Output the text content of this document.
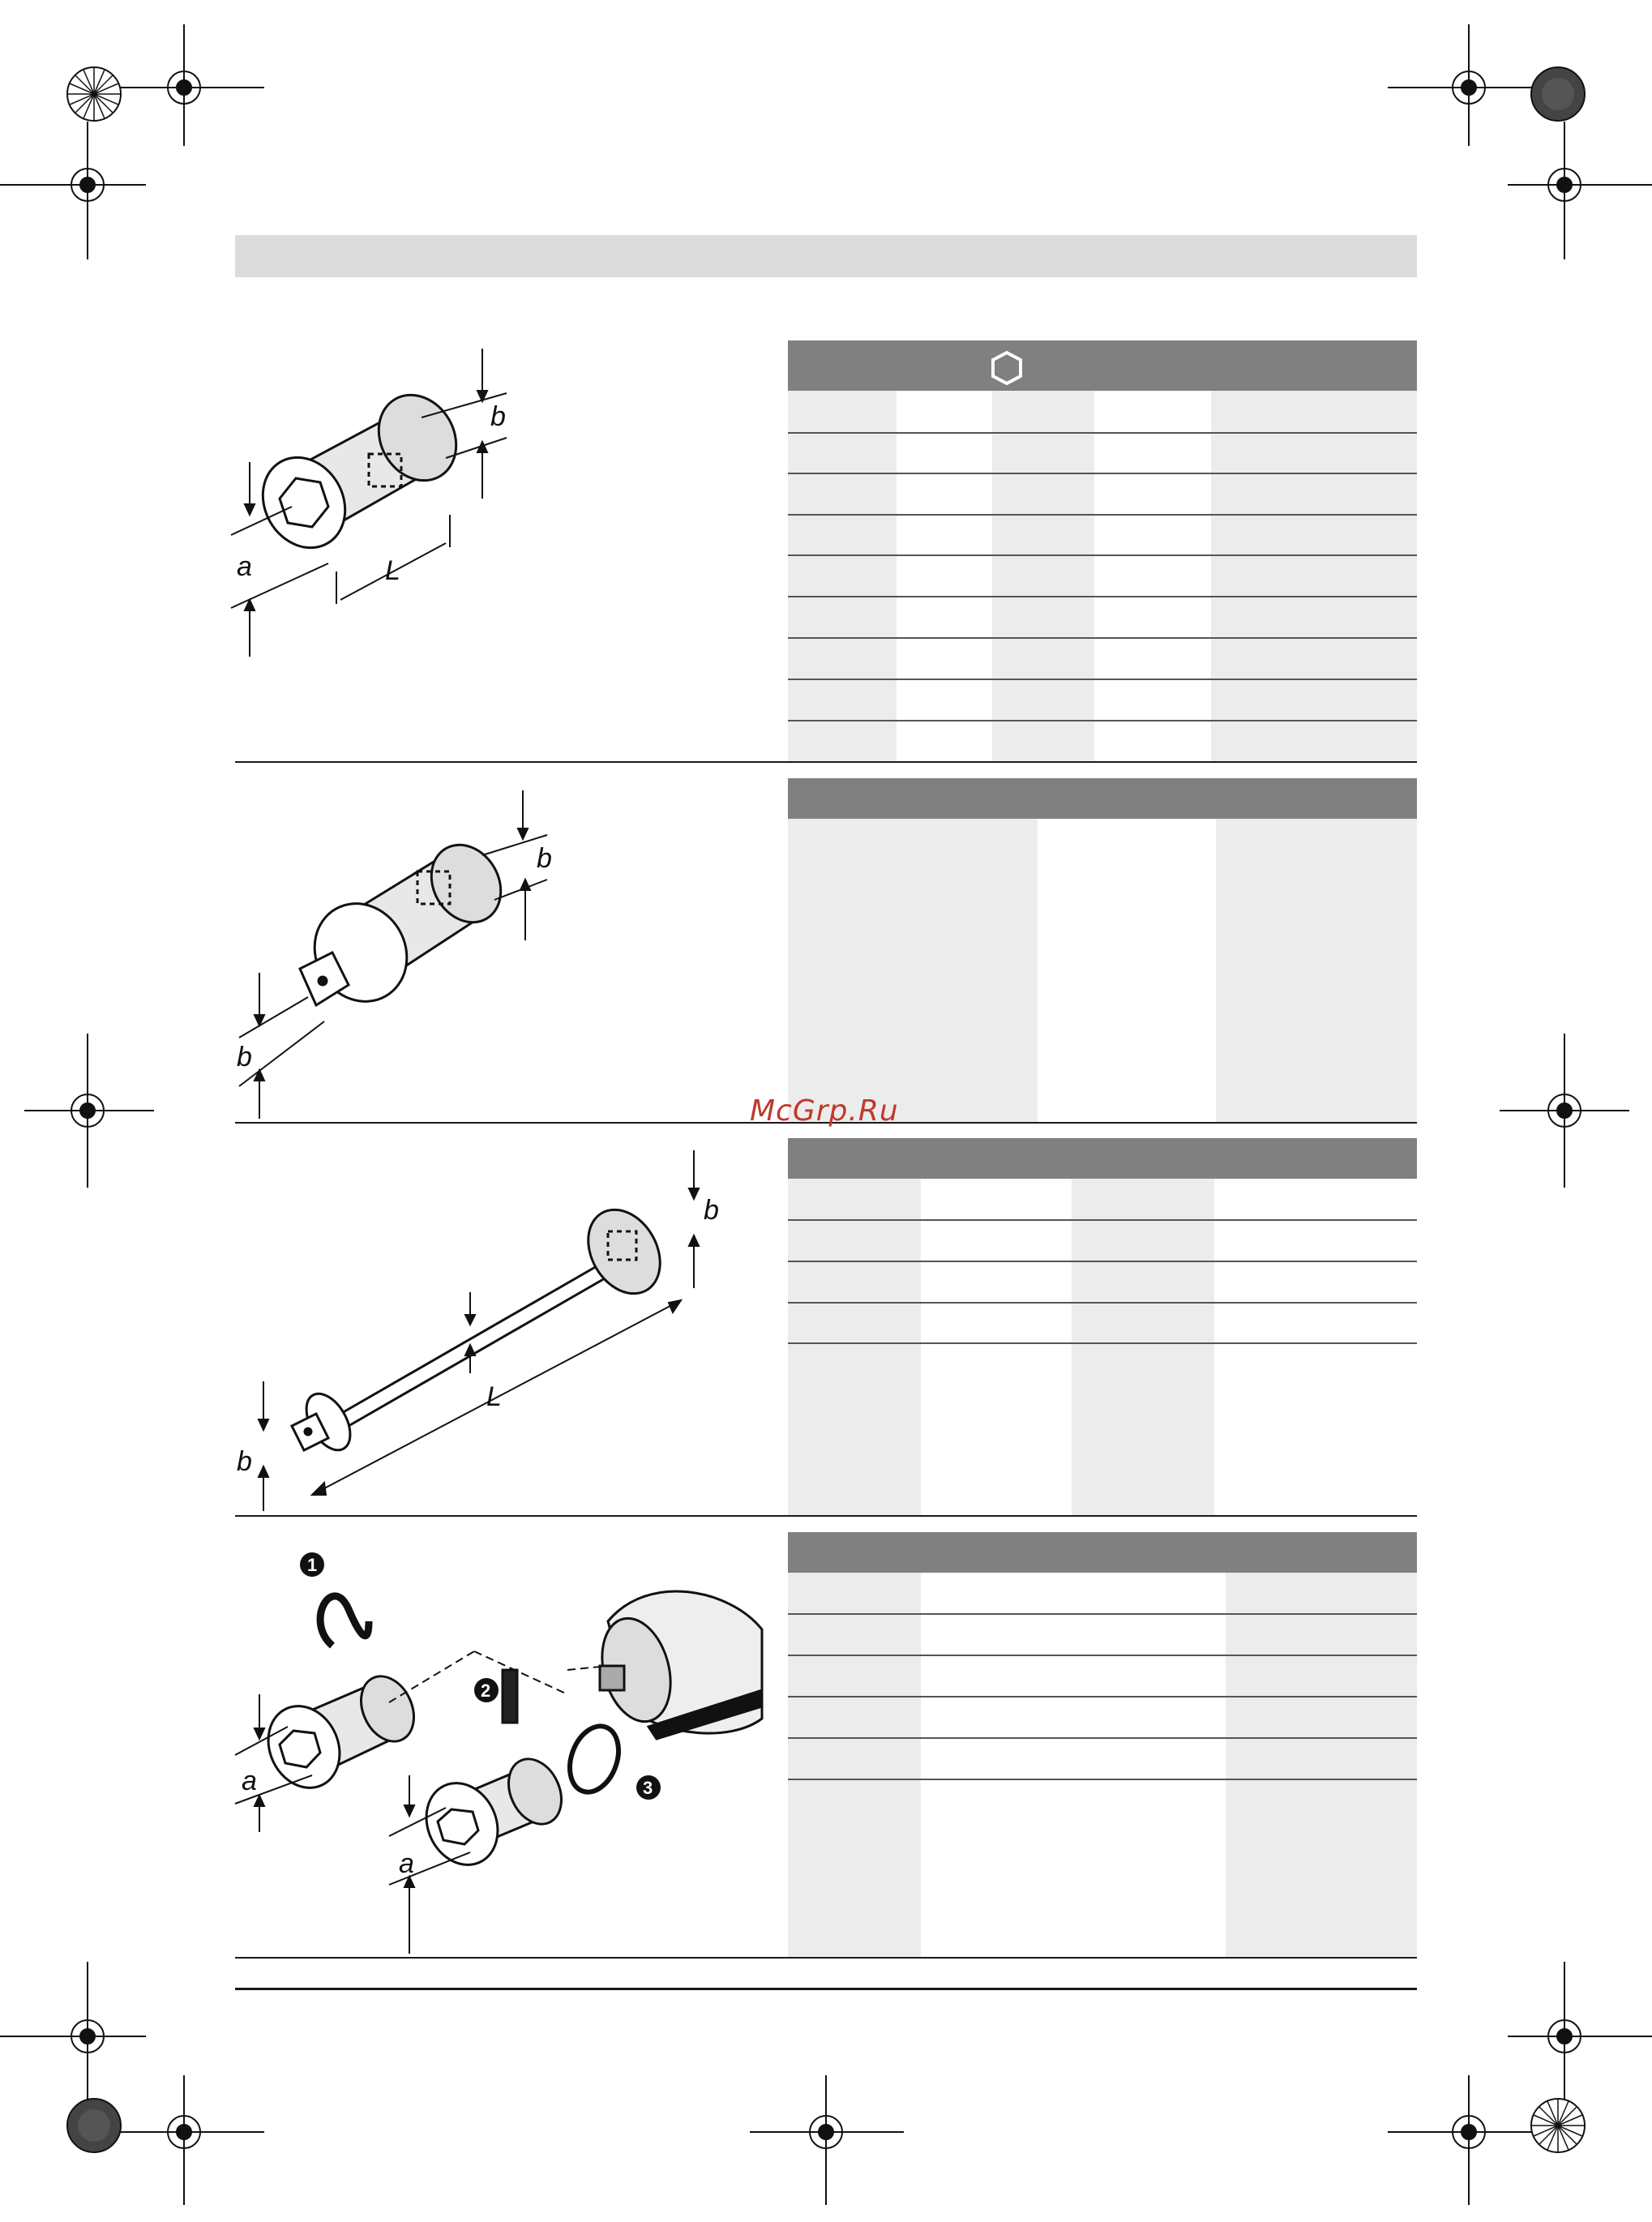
b
a	L
b
b
b
b
L
1
2
3
a
a
McGrp.Ru
